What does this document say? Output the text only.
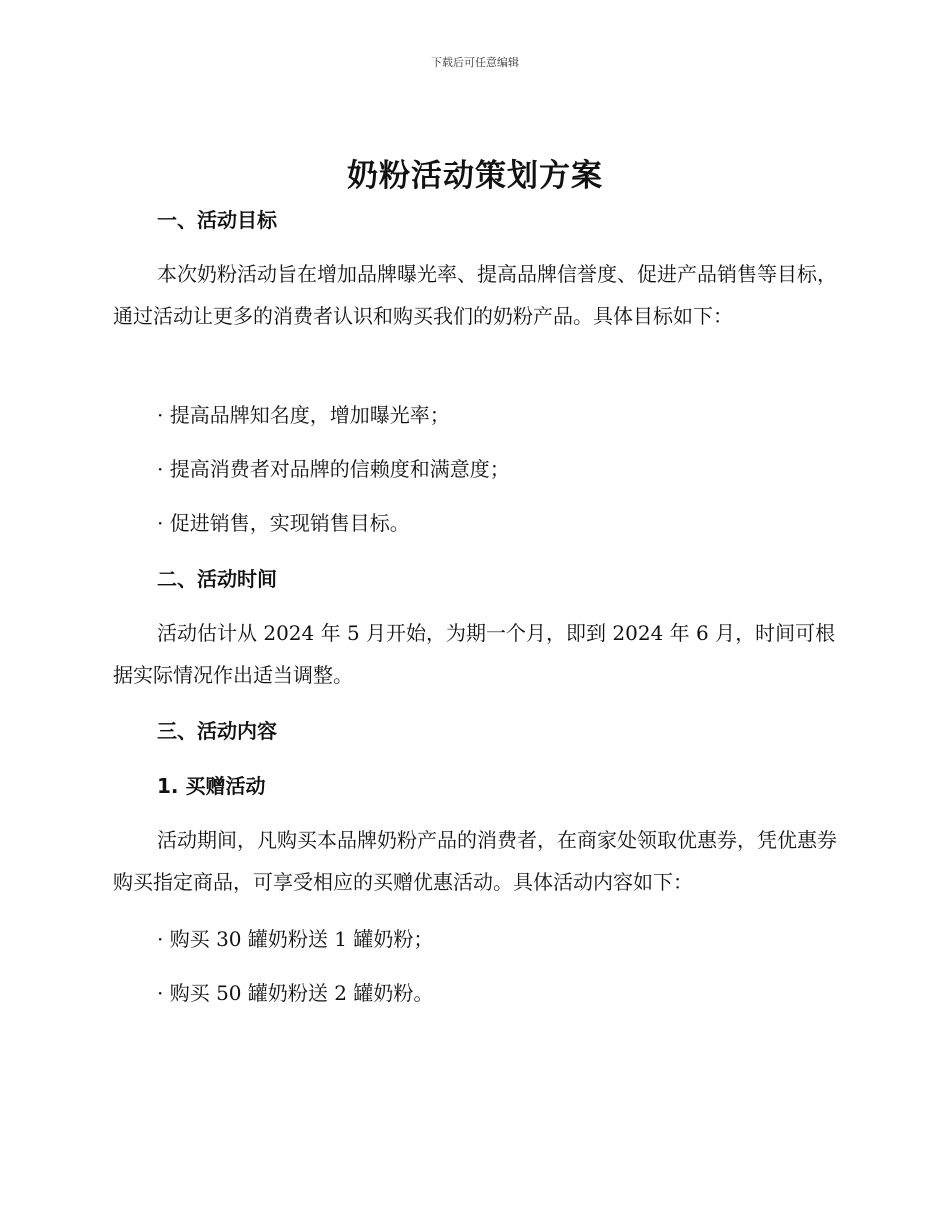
下载后可任意编辑
奶粉活动策划方案
一、活动目标
本次奶粉活动旨在增加品牌曝光率、提高品牌信誉度、促进产品销售等目标，通过活动让更多的消费者认识和购买我们的奶粉产品。具体目标如下：
· 提高品牌知名度，增加曝光率；
· 提高消费者对品牌的信赖度和满意度；
· 促进销售，实现销售目标。
二、活动时间
活动估计从 2024 年 5 月开始，为期一个月，即到 2024 年 6 月，时间可根据实际情况作出适当调整。
三、活动内容
1. 买赠活动
活动期间，凡购买本品牌奶粉产品的消费者，在商家处领取优惠券，凭优惠券购买指定商品，可享受相应的买赠优惠活动。具体活动内容如下：
· 购买 30 罐奶粉送 1 罐奶粉；
· 购买 50 罐奶粉送 2 罐奶粉。
